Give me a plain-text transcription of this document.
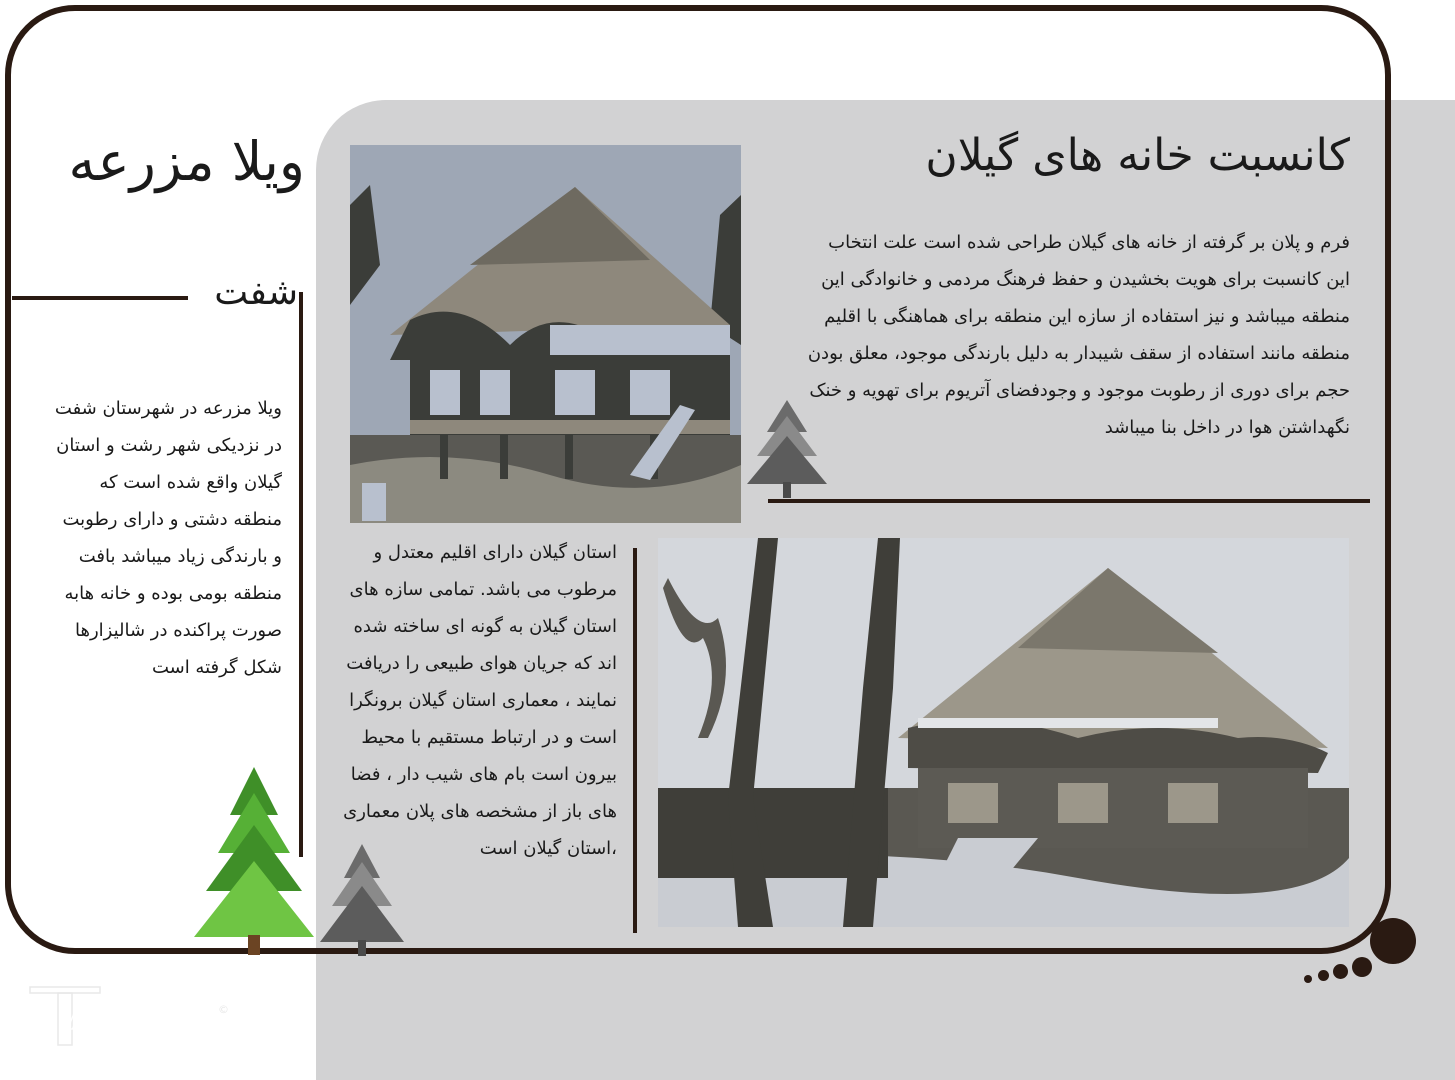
ویلا مزرعه
شفت
ویلا مزرعه در شهرستان شفت در نزدیکی شهر رشت و استان گیلان واقع شده است که منطقه دشتی و دارای رطوبت و بارندگی زیاد میباشد بافت منطقه بومی بوده و خانه هابه صورت پراکنده در شالیزارها شکل گرفته است
کانسبت خانه های گیلان
فرم و پلان بر گرفته از خانه های گیلان طراحی شده است علت انتخاب این کانسبت برای هویت بخشیدن و حفظ فرهنگ مردمی و خانوادگی این منطقه میباشد و نیز استفاده از سازه این منطقه برای هماهنگی با اقلیم منطقه مانند استفاده از سقف شیبدار به دلیل بارندگی موجود، معلق بودن حجم برای دوری از رطوبت موجود و وجودفضای آتریوم برای تهویه و خنک نگهداشتن هوا در داخل بنا میباشد
استان گیلان دارای اقلیم معتدل و مرطوب می باشد. تمامی سازه های استان گیلان به گونه ای ساخته شده اند که جریان هوای طبیعی را دریافت نمایند ، معماری استان گیلان برونگرا است و در ارتباط مستقیم با محیط بیرون است بام های شیب دار ، فضا های باز از مشخصه های پلان معماری ،استان گیلان است
ARH2TARH
ALL RIGHT RESERVED
©
